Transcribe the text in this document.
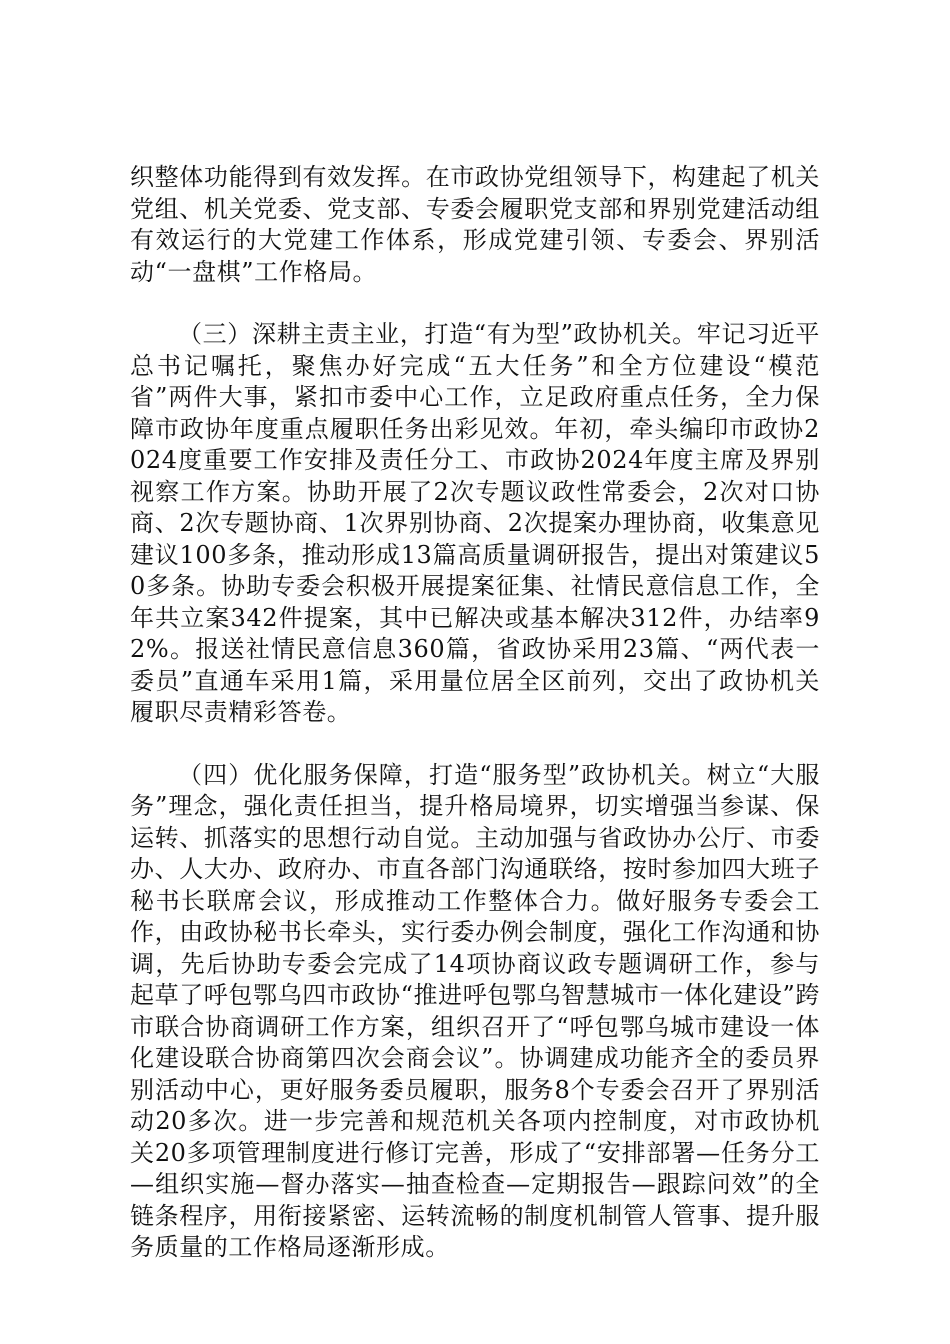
织整体功能得到有效发挥。在市政协党组领导下，构建起了机关党组、机关党委、党支部、专委会履职党支部和界别党建活动组有效运行的大党建工作体系，形成党建引领、专委会、界别活动“一盘棋”工作格局。

（三）深耕主责主业，打造“有为型”政协机关。牢记习近平总书记嘱托，聚焦办好完成“五大任务”和全方位建设“模范省”两件大事，紧扣市委中心工作，立足政府重点任务，全力保障市政协年度重点履职任务出彩见效。年初，牵头编印市政协2024度重要工作安排及责任分工、市政协2024年度主席及界别视察工作方案。协助开展了2次专题议政性常委会，2次对口协商、2次专题协商、1次界别协商、2次提案办理协商，收集意见建议100多条，推动形成13篇高质量调研报告，提出对策建议50多条。协助专委会积极开展提案征集、社情民意信息工作，全年共立案342件提案，其中已解决或基本解决312件，办结率92%。报送社情民意信息360篇，省政协采用23篇、“两代表一委员”直通车采用1篇，采用量位居全区前列，交出了政协机关履职尽责精彩答卷。

（四）优化服务保障，打造“服务型”政协机关。树立“大服务”理念，强化责任担当，提升格局境界，切实增强当参谋、保运转、抓落实的思想行动自觉。主动加强与省政协办公厅、市委办、人大办、政府办、市直各部门沟通联络，按时参加四大班子秘书长联席会议，形成推动工作整体合力。做好服务专委会工作，由政协秘书长牵头，实行委办例会制度，强化工作沟通和协调，先后协助专委会完成了14项协商议政专题调研工作，参与起草了呼包鄂乌四市政协“推进呼包鄂乌智慧城市一体化建设”跨市联合协商调研工作方案，组织召开了“呼包鄂乌城市建设一体化建设联合协商第四次会商会议”。协调建成功能齐全的委员界别活动中心，更好服务委员履职，服务8个专委会召开了界别活动20多次。进一步完善和规范机关各项内控制度，对市政协机关20多项管理制度进行修订完善，形成了“安排部署—任务分工—组织实施—督办落实—抽查检查—定期报告—跟踪问效”的全链条程序，用衔接紧密、运转流畅的制度机制管人管事、提升服务质量的工作格局逐渐形成。
